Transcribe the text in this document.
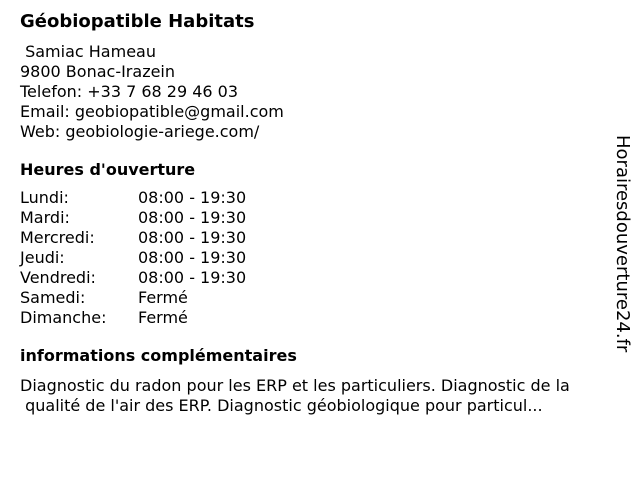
Géobiopatible Habitats
Samiac Hameau
9800 Bonac-Irazein
Telefon: +33 7 68 29 46 03
Email: geobiopatible@gmail.com
Web: geobiologie-ariege.com/
Heures d'ouverture
Lundi:	08:00 - 19:30
Mardi:	08:00 - 19:30
Mercredi:	08:00 - 19:30
Jeudi:	08:00 - 19:30
Vendredi:	08:00 - 19:30
Samedi:	Fermé
Dimanche:	Fermé
informations complémentaires
Diagnostic du radon pour les ERP et les particuliers. Diagnostic de la
qualité de l'air des ERP. Diagnostic géobiologique pour particul...
Horairesdouverture24.fr
